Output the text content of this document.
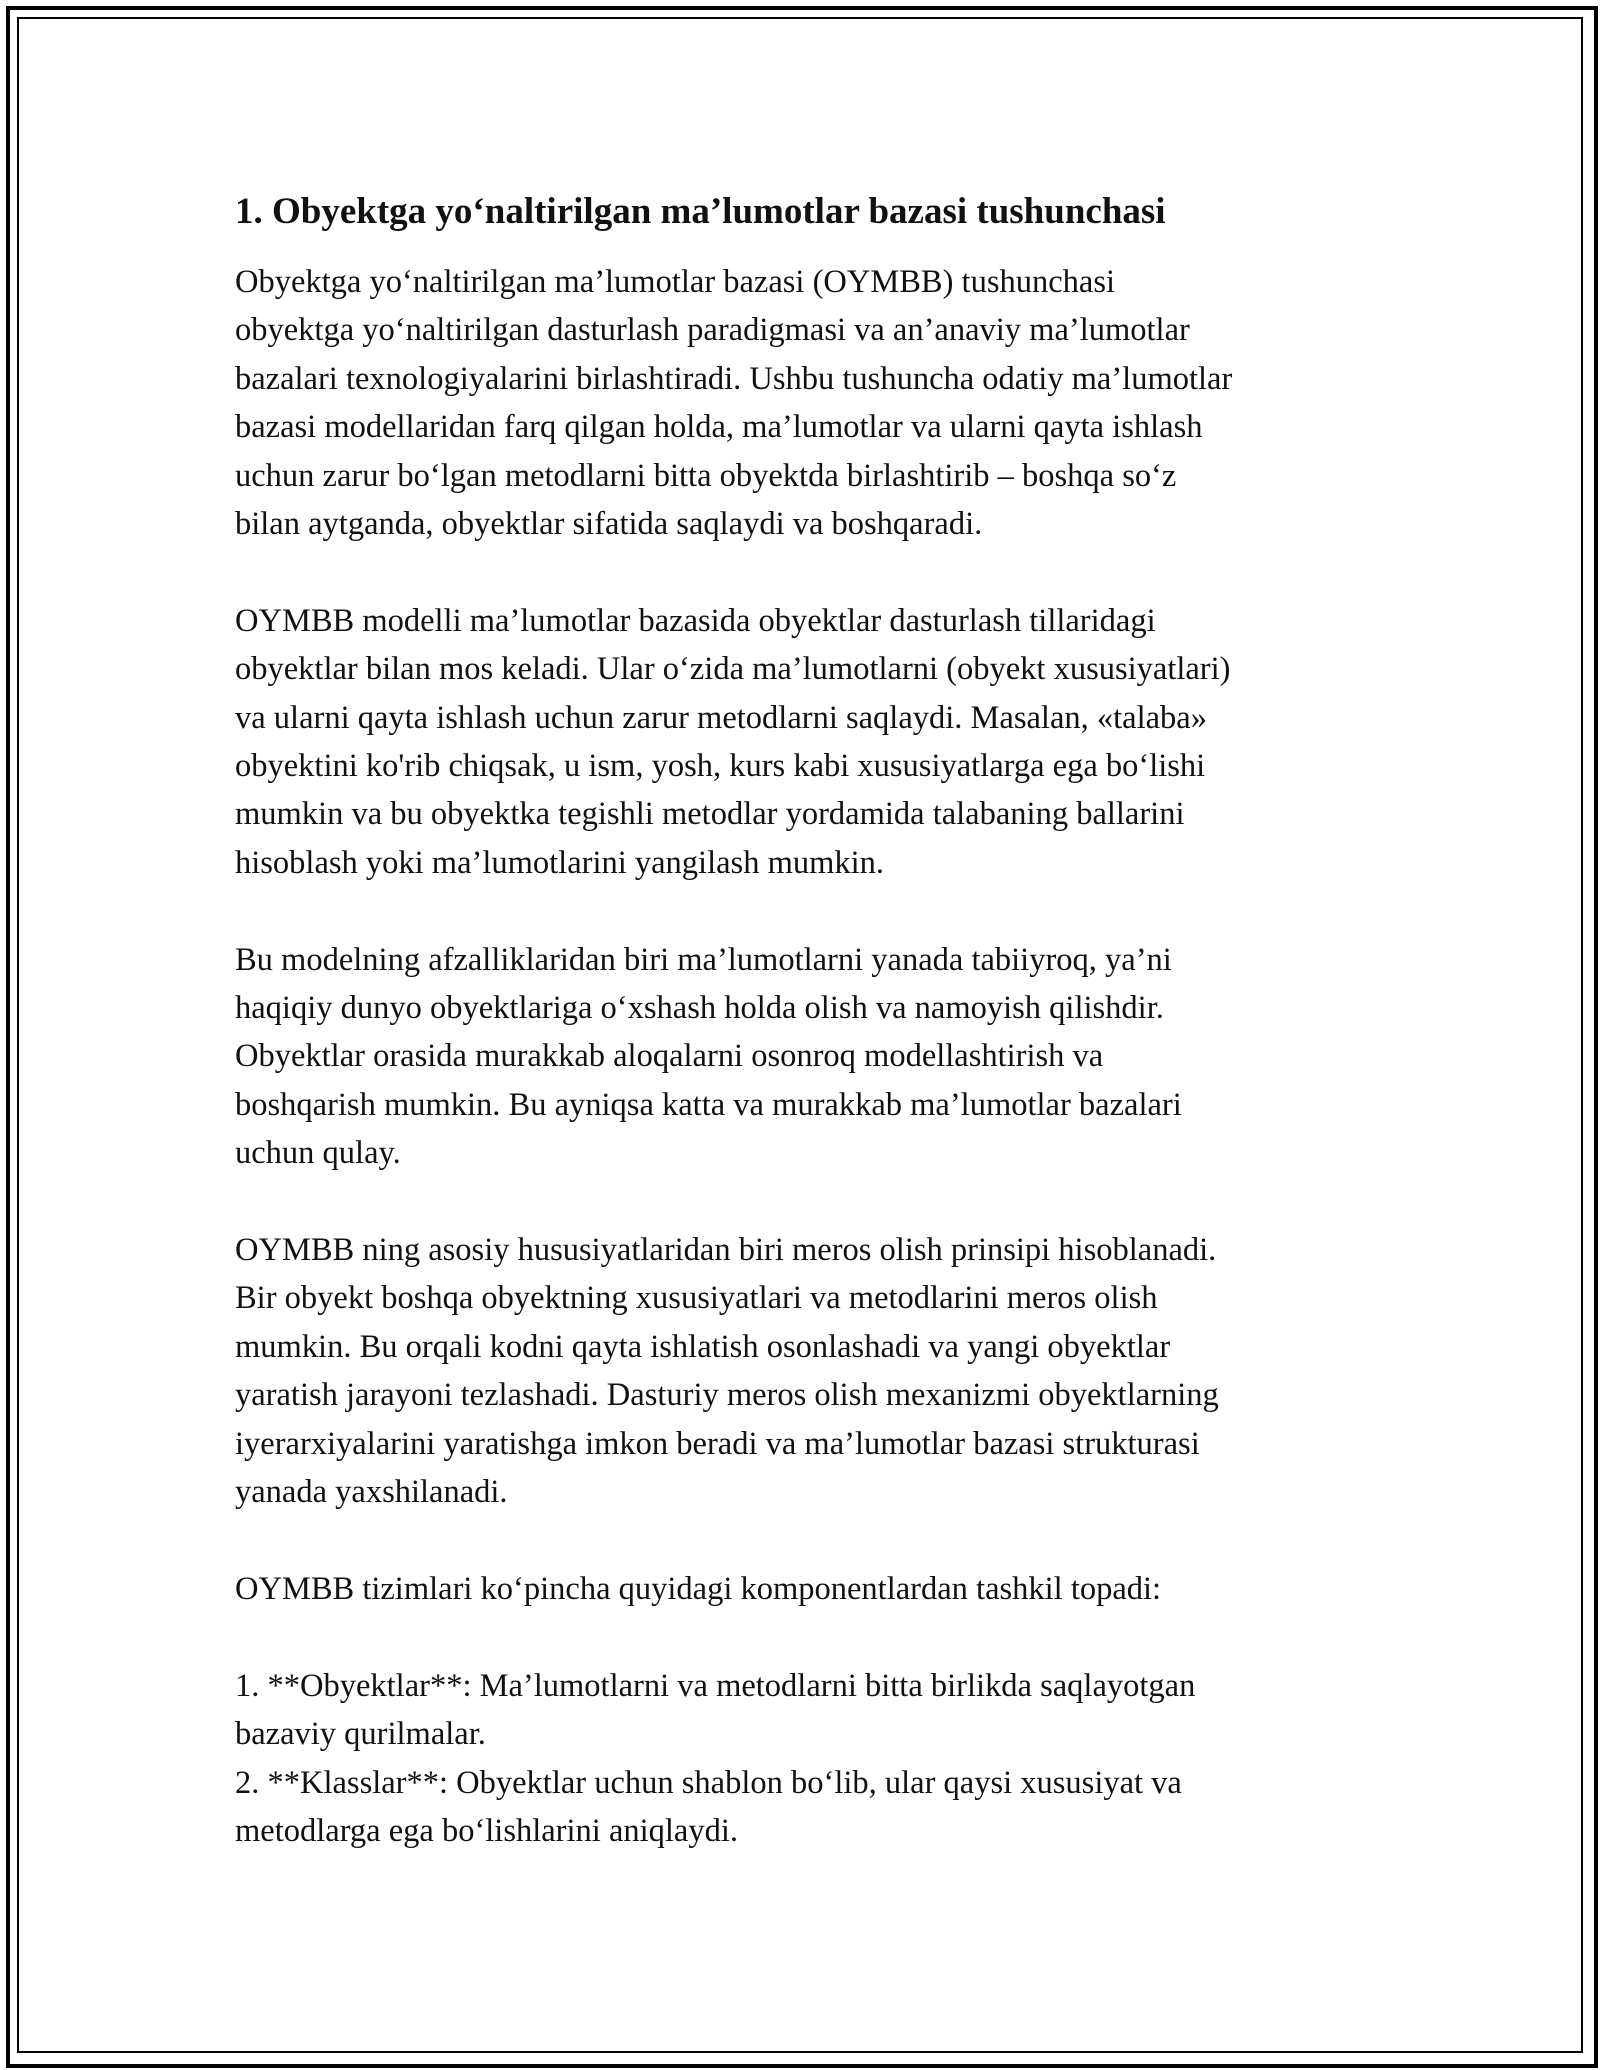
1. Obyektga yo‘naltirilgan ma’lumotlar bazasi tushunchasi
Obyektga yo‘naltirilgan ma’lumotlar bazasi (OYMBB) tushunchasi
obyektga yo‘naltirilgan dasturlash paradigmasi va an’anaviy ma’lumotlar
bazalari texnologiyalarini birlashtiradi. Ushbu tushuncha odatiy ma’lumotlar
bazasi modellaridan farq qilgan holda, ma’lumotlar va ularni qayta ishlash
uchun zarur bo‘lgan metodlarni bitta obyektda birlashtirib – boshqa so‘z
bilan aytganda, obyektlar sifatida saqlaydi va boshqaradi.
OYMBB modelli ma’lumotlar bazasida obyektlar dasturlash tillaridagi
obyektlar bilan mos keladi. Ular o‘zida ma’lumotlarni (obyekt xususiyatlari)
va ularni qayta ishlash uchun zarur metodlarni saqlaydi. Masalan, «talaba»
obyektini ko'rib chiqsak, u ism, yosh, kurs kabi xususiyatlarga ega bo‘lishi
mumkin va bu obyektka tegishli metodlar yordamida talabaning ballarini
hisoblash yoki ma’lumotlarini yangilash mumkin.
Bu modelning afzalliklaridan biri ma’lumotlarni yanada tabiiyroq, ya’ni
haqiqiy dunyo obyektlariga o‘xshash holda olish va namoyish qilishdir.
Obyektlar orasida murakkab aloqalarni osonroq modellashtirish va
boshqarish mumkin. Bu ayniqsa katta va murakkab ma’lumotlar bazalari
uchun qulay.
OYMBB ning asosiy hususiyatlaridan biri meros olish prinsipi hisoblanadi.
Bir obyekt boshqa obyektning xususiyatlari va metodlarini meros olish
mumkin. Bu orqali kodni qayta ishlatish osonlashadi va yangi obyektlar
yaratish jarayoni tezlashadi. Dasturiy meros olish mexanizmi obyektlarning
iyerarxiyalarini yaratishga imkon beradi va ma’lumotlar bazasi strukturasi
yanada yaxshilanadi.
OYMBB tizimlari ko‘pincha quyidagi komponentlardan tashkil topadi:
1. **Obyektlar**: Ma’lumotlarni va metodlarni bitta birlikda saqlayotgan
bazaviy qurilmalar.
2. **Klasslar**: Obyektlar uchun shablon bo‘lib, ular qaysi xususiyat va
metodlarga ega bo‘lishlarini aniqlaydi.
